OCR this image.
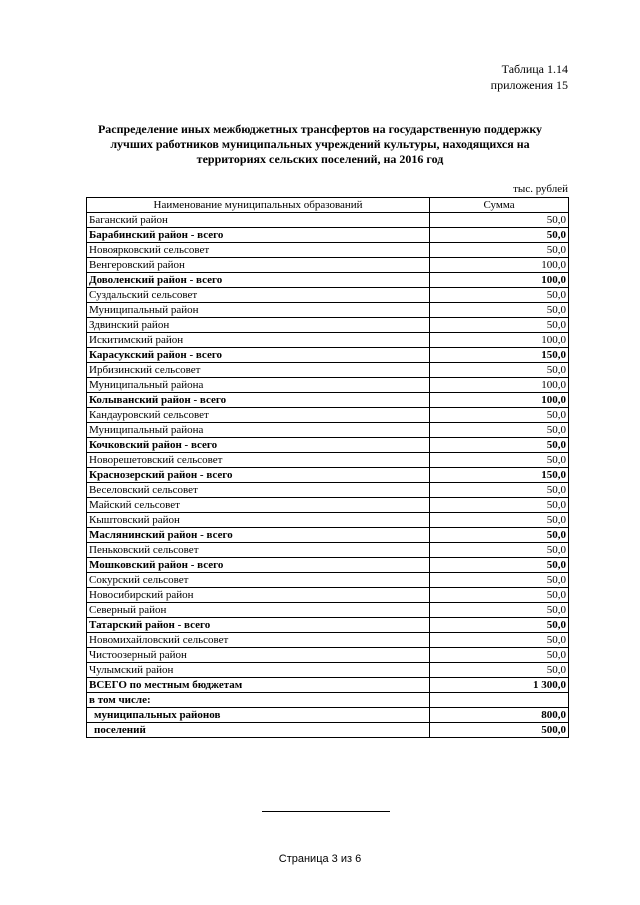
Таблица 1.14
приложения 15
Распределение иных межбюджетных трансфертов на государственную поддержку
лучших работников муниципальных учреждений культуры, находящихся на
территориях сельских поселений, на 2016 год
тыс. рублей
Наименование муниципальных образований	Сумма
Баганский район	50,0
Барабинский район - всего	50,0
Новоярковский сельсовет	50,0
Венгеровский район	100,0
Доволенский район - всего	100,0
Суздальский сельсовет	50,0
Муниципальный район	50,0
Здвинский район	50,0
Искитимский район	100,0
Карасукский район - всего	150,0
Ирбизинский сельсовет	50,0
Муниципальный района	100,0
Колыванский район - всего	100,0
Кандауровский сельсовет	50,0
Муниципальный района	50,0
Кочковский район - всего	50,0
Новорешетовский сельсовет	50,0
Краснозерский район - всего	150,0
Веселовский сельсовет	50,0
Майский сельсовет	50,0
Кыштовский район	50,0
Маслянинский район - всего	50,0
Пеньковский сельсовет	50,0
Мошковский район - всего	50,0
Сокурский сельсовет	50,0
Новосибирский район	50,0
Северный район	50,0
Татарский район - всего	50,0
Новомихайловский сельсовет	50,0
Чистоозерный район	50,0
Чулымский район	50,0
ВСЕГО по местным бюджетам	1 300,0
в том числе:	
муниципальных районов	800,0
поселений	500,0
Страница 3 из 6
